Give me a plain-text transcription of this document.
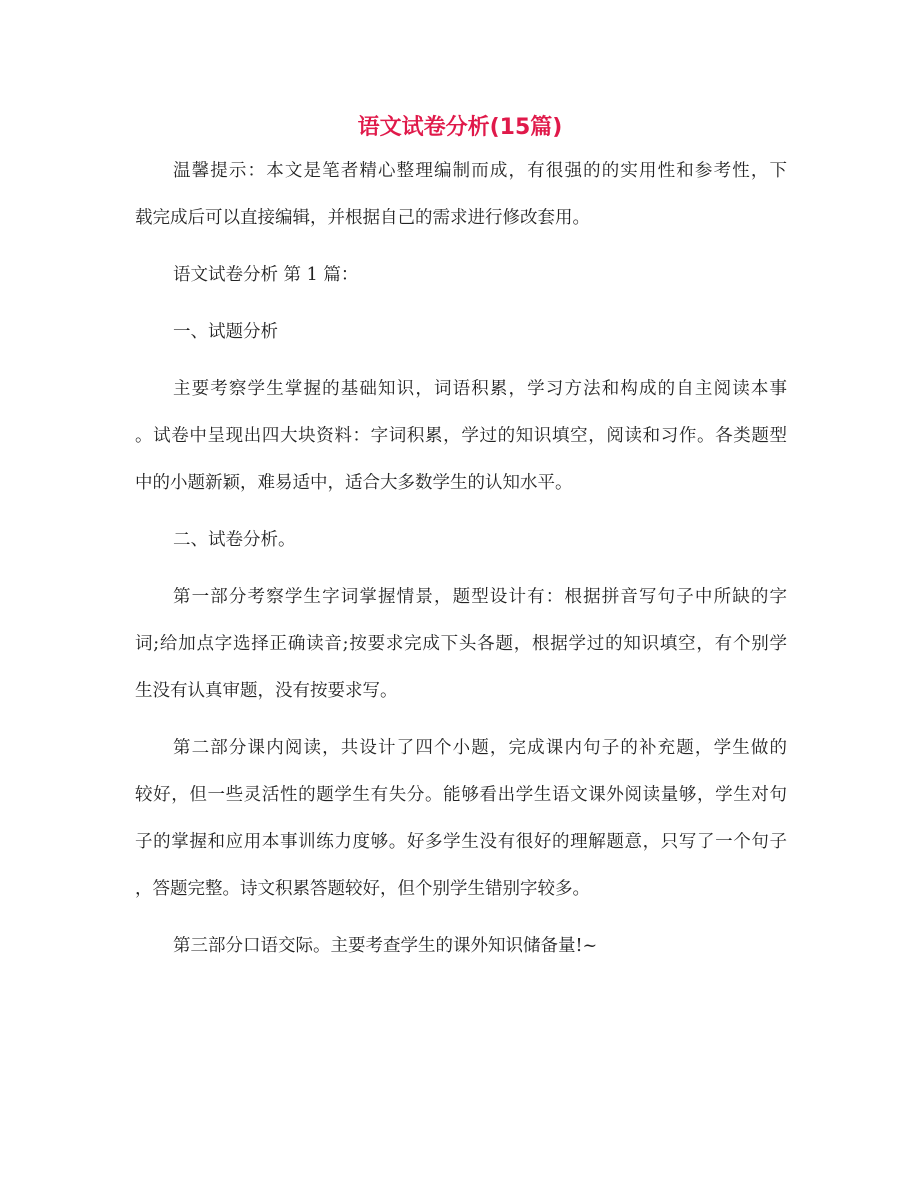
语文试卷分析(15篇)
温馨提示：本文是笔者精心整理编制而成，有很强的的实用性和参考性，下
载完成后可以直接编辑，并根据自己的需求进行修改套用。
语文试卷分析 第 1 篇：
一、试题分析
主要考察学生掌握的基础知识，词语积累，学习方法和构成的自主阅读本事
。试卷中呈现出四大块资料：字词积累，学过的知识填空，阅读和习作。各类题型
中的小题新颖，难易适中，适合大多数学生的认知水平。
二、试卷分析。
第一部分考察学生字词掌握情景，题型设计有：根据拼音写句子中所缺的字
词;给加点字选择正确读音;按要求完成下头各题，根据学过的知识填空，有个别学
生没有认真审题，没有按要求写。
第二部分课内阅读，共设计了四个小题，完成课内句子的补充题，学生做的
较好，但一些灵活性的题学生有失分。能够看出学生语文课外阅读量够，学生对句
子的掌握和应用本事训练力度够。好多学生没有很好的理解题意，只写了一个句子
，答题完整。诗文积累答题较好，但个别学生错别字较多。
第三部分口语交际。主要考查学生的课外知识储备量!~
